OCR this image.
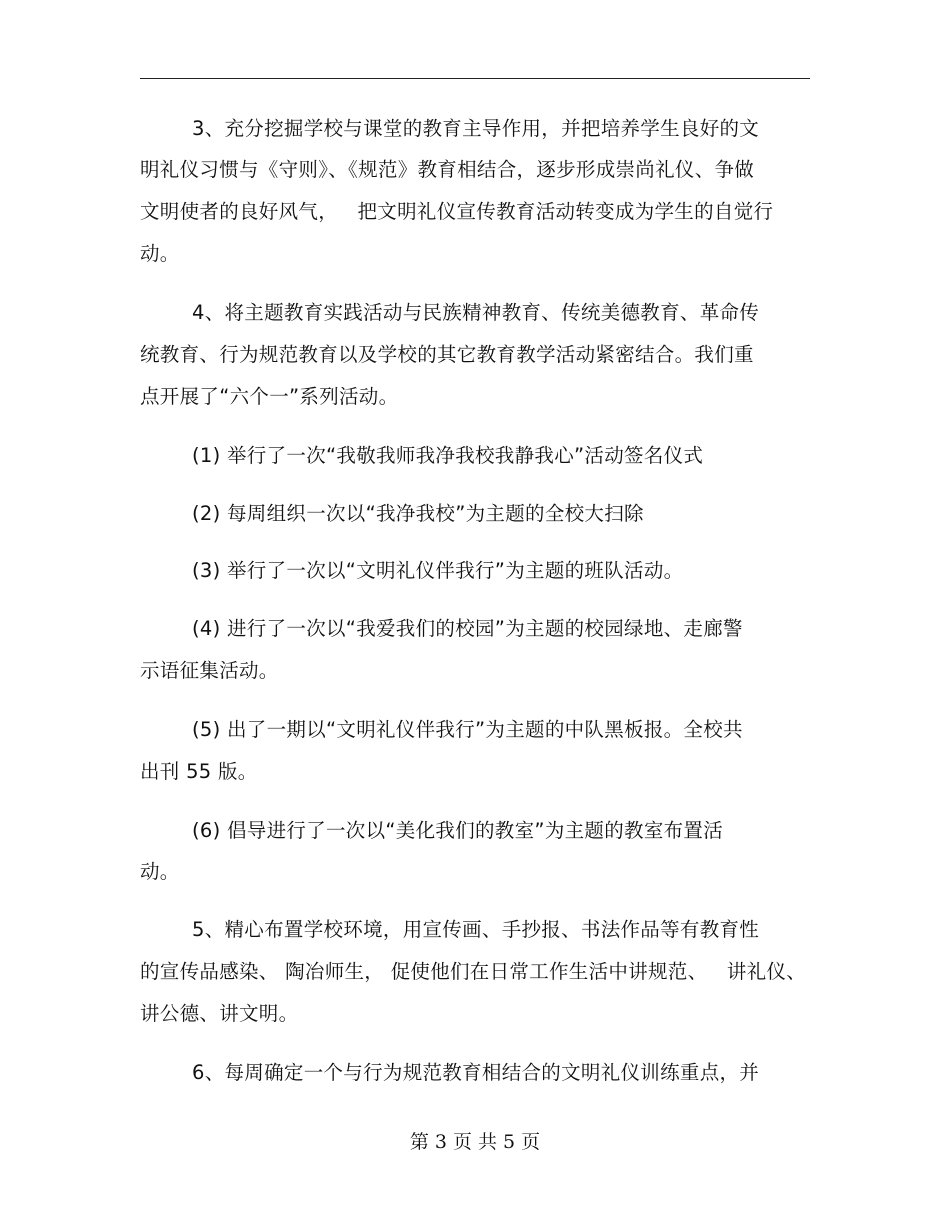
3、充分挖掘学校与课堂的教育主导作用，并把培养学生良好的文
明礼仪习惯与《守则》、《规范》教育相结合，逐步形成崇尚礼仪、争做
文明使者的良好风气，   把文明礼仪宣传教育活动转变成为学生的自觉行
动。
4、将主题教育实践活动与民族精神教育、传统美德教育、革命传
统教育、行为规范教育以及学校的其它教育教学活动紧密结合。我们重
点开展了“六个一”系列活动。
(1) 举行了一次“我敬我师我净我校我静我心”活动签名仪式
(2) 每周组织一次以“我净我校”为主题的全校大扫除
(3) 举行了一次以“文明礼仪伴我行”为主题的班队活动。
(4) 进行了一次以“我爱我们的校园”为主题的校园绿地、走廊警
示语征集活动。
(5) 出了一期以“文明礼仪伴我行”为主题的中队黑板报。全校共
出刊 55 版。
(6) 倡导进行了一次以“美化我们的教室”为主题的教室布置活
动。
5、精心布置学校环境，用宣传画、手抄报、书法作品等有教育性
的宣传品感染、 陶冶师生， 促使他们在日常工作生活中讲规范、   讲礼仪、
讲公德、讲文明。
6、每周确定一个与行为规范教育相结合的文明礼仪训练重点，并
第 3 页 共 5 页
